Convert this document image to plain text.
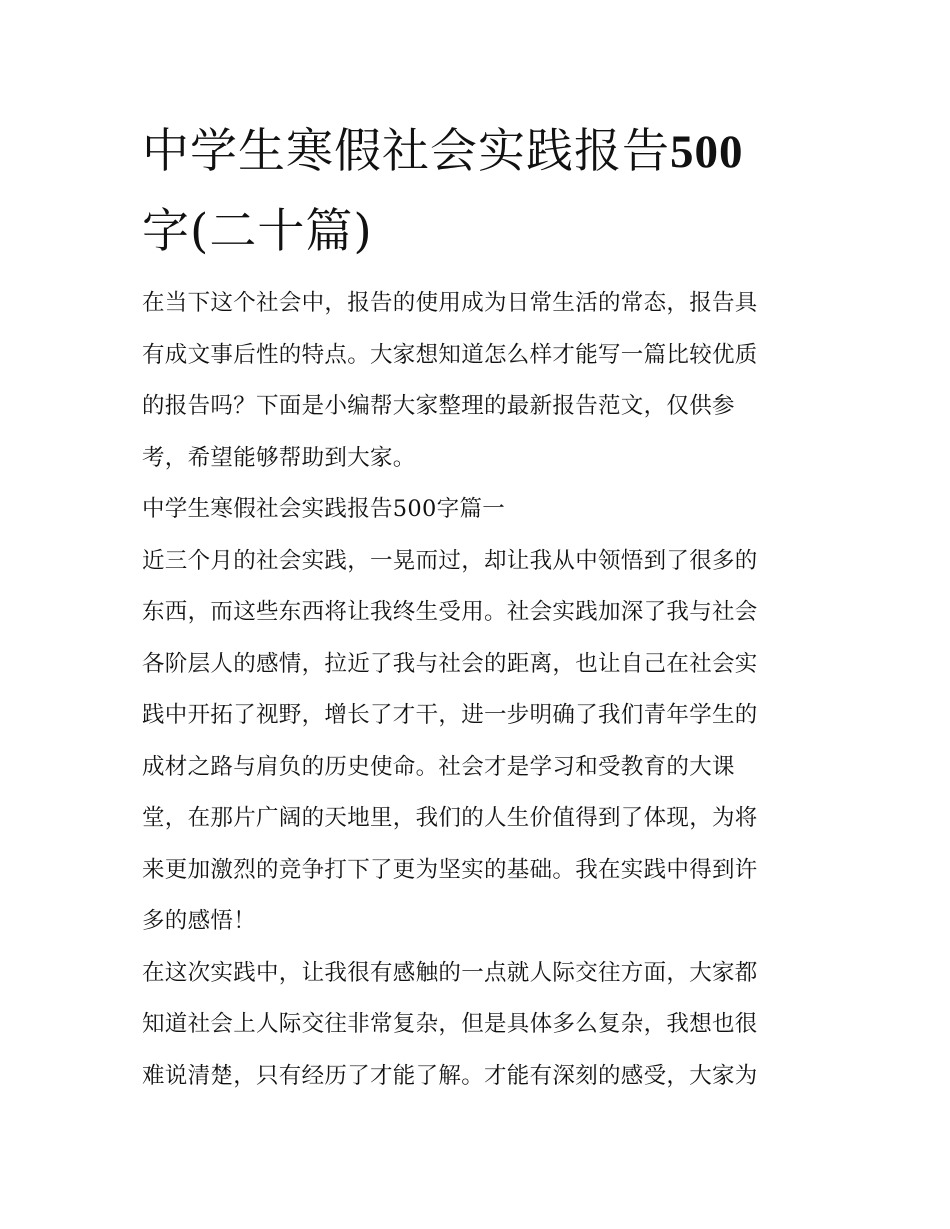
中学生寒假社会实践报告500
字(二十篇)

在当下这个社会中，报告的使用成为日常生活的常态，报告具
有成文事后性的特点。大家想知道怎么样才能写一篇比较优质
的报告吗？下面是小编帮大家整理的最新报告范文，仅供参
考，希望能够帮助到大家。

中学生寒假社会实践报告500字篇一

近三个月的社会实践，一晃而过，却让我从中领悟到了很多的
东西，而这些东西将让我终生受用。社会实践加深了我与社会
各阶层人的感情，拉近了我与社会的距离，也让自己在社会实
践中开拓了视野，增长了才干，进一步明确了我们青年学生的
成材之路与肩负的历史使命。社会才是学习和受教育的大课
堂，在那片广阔的天地里，我们的人生价值得到了体现，为将
来更加激烈的竞争打下了更为坚实的基础。我在实践中得到许
多的感悟！

在这次实践中，让我很有感触的一点就人际交往方面，大家都
知道社会上人际交往非常复杂，但是具体多么复杂，我想也很
难说清楚，只有经历了才能了解。才能有深刻的感受，大家为
